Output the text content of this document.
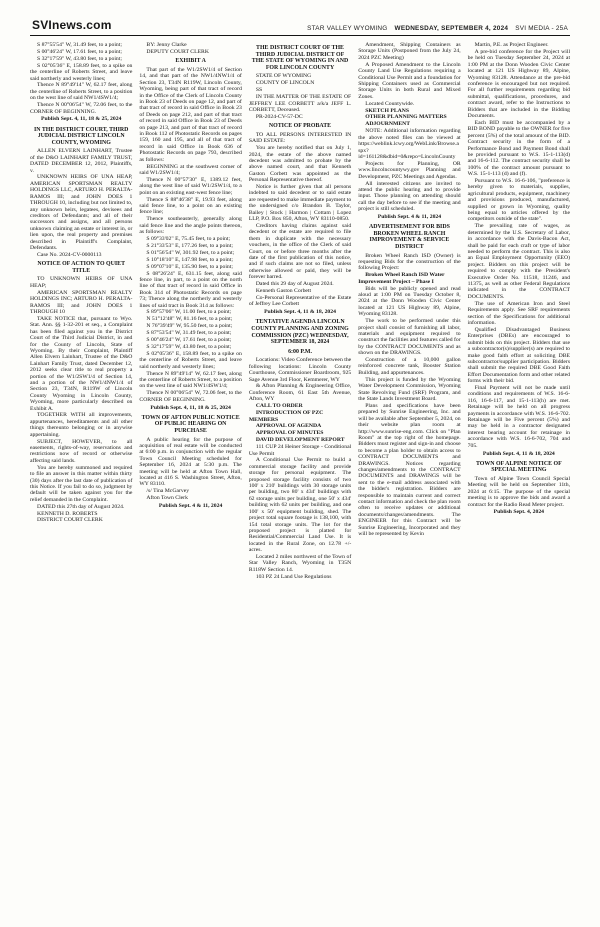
SVInews.com	STAR VALLEY WYOMING WEDNESDAY, SEPTEMBER 4, 2024 SVI MEDIA - 25A
S 87°55'54" W, 31.49 feet, to a point;
S 00°46'24" W, 17.61 feet, to a point;
S 32°17'59" W, 43.80 feet, to a point;
S 02°05'36" E, 158.89 feet, to a spike on the centerline of Roberts Street, and leave said northerly and westerly lines;
Thence N 89°49'14" W, 62.17 feet, along the centerline of Roberts Street, to a position on the west line of said NW1/4SW1/4;
Thence N 00°06'54" W, 72.06 feet, to the CORNER OF BEGINNING.
Publish Sept. 4, 11, 18 & 25, 2024
IN THE DISTRICT COURT, THIRD JUDICIAL DISTRICT LINCOLN COUNTY, WYOMING
ALLEN ELVERN LAINHART, Trustee of the D&O LAINHART FAMILY TRUST, DATED DECEMBER 12, 2012, Plaintiffs, v.
UNKNOWN HEIRS OF UNA HEAP, AMERICAN SPORTSMAN REALTY HOLDINGS LLC, ARTURO H. PERALTA-RAMOS III; and JOHN DOES 1 THROUGH 10, including but not limited to, any unknown heirs, legatees, devisees and creditors of Defendants; and all of their successors and assigns, and all persons unknown claiming an estate or interest in, or lien upon, the real property and premises described in Plaintiff's Complaint, Defendants.
Case No. 2024-CV-0000113
NOTICE OF ACTION TO QUIET TITLE
TO UNKNOWN HEIRS OF UNA HEAP;
AMERICAN SPORTSMAN REALTY HOLDINGS INC; ARTURO H. PERALTA-RAMOS III; and JOHN DOES 1 THROUGH 10
TAKE NOTICE that, pursuant to Wyo. Stat. Ann. §§ 1-32-201 et seq., a Complaint has been filed against you in the District Court of the Third Judicial District, in and for the County of Lincoln, State of Wyoming. By their Complaint, Plaintiff Allen Elvern Lainhart, Trustee of the D&O Lainhart Family Trust, dated December 12, 2012 seeks clear title to real property a portion of the W1/2SW1/4 of Section 14, and a portion of the NW1/4NW1/4 of Section 23, T34N, R119W of Lincoln County Wyoming in Lincoln County, Wyoming, more particularly described on Exhibit A.
TOGETHER WITH all improvements, appurtenances, hereditaments and all other things thereunto belonging or in anywise appertaining.
SUBJECT, HOWEVER, to all easements, rights-of-way, reservations and restrictions now of record or otherwise affecting said lands.
You are hereby summoned and required to file an answer in this matter within thirty (30) days after the last date of publication of this Notice. If you fail to do so, judgment by default will be taken against you for the relief demanded in the Complaint.
DATED this 27th day of August 2024.
KENNETH D. ROBERTS
DISTRICT COURT CLERK
BY: Jenny Clarke
DEPUTY COURT CLERK
EXHIBIT A
That part of the W1/2SW1/4 of Section 14, and that part of the NW1/4NW1/4 of Section 23, T34N R119W, Lincoln County, Wyoming, being part of that tract of record in the Office of the Clerk of Lincoln County in Book 23 of Deeds on page 12, and part of that tract of record in said Office in Book 23 of Deeds on page 212, and part of that tract of record in said Office in Book 23 of Deeds on page 213, and part of that tract of record in Book 112 of Photostatic Records on pages 159, 160 and 195, and all of that tract of record in said Office in Book 636 of Photostatic Records on page 793, described as follows:
BEGINNING at the southwest corner of said W1/2SW1/4;
Thence N 00°57'30" E, 1389.12 feet, along the west line of said W1/2SW1/4, to a point on an existing east-west fence line;
Thence S 88°46'38" E, 19.93 feet, along said fence line, to a point on an existing fence line;
Thence southeasterly, generally along said fence line and the angle points thereon, as follows:
S 09°33'02" E, 75.45 feet, to a point;
S 21°33'53" E, 177.26 feet, to a point;
S 01°56'54" W, 301.92 feet, to a point;
S 10°18'10" E, 147.98 feet, to a point;
S 09°07'10" E, 135.90 feet, to a point;
S 08°26'24" E, 631.15 feet, along said fence line, in part, to a point on the north line of that tract of record in said Office in Book 314 of Photostatic Records on page 73; Thence along the northerly and westerly lines of said tract in Book 314 as follows:
S 89°57'06" W, 11.00 feet, to a point;
N 51°12'48" W, 81.16 feet, to a point;
N 76°39'49" W, 95.50 feet, to a point;
S 87°53'54" W, 31.49 feet, to a point;
S 00°46'24" W, 17.61 feet, to a point;
S 32°17'59" W, 43.80 feet, to a point;
S 02°05'36" E, 158.89 feet, to a spike on the centerline of Roberts Street, and leave said northerly and westerly lines;
Thence N 89°49'14" W, 62.17 feet, along the centerline of Roberts Street, to a position on the west line of said NW1/4SW1/4;
Thence N 00°06'54" W, 72.06 feet, to the CORNER OF BEGINNING.
Publish Sept. 4, 11, 18 & 25, 2024
TOWN OF AFTON PUBLIC NOTICE OF PUBLIC HEARING ON PURCHASE
A public hearing for the purpose of acquisition of real estate will be conducted at 6:00 p.m. in conjunction with the regular Town Council Meeting scheduled for September 16, 2024 at 5:30 p.m. The meeting will be held at Afton Town Hall, located at 416 S. Washington Street, Afton, WY 83110.
/s/ Tina McGarvey
Afton Town Clerk
Publish Sept. 4 & 11, 2024
THE DISTRICT COURT OF THE THIRD JUDICIAL DISTRICT OF THE STATE OF WYOMING IN AND FOR LINCOLN COUNTY
STATE OF WYOMING
COUNTY OF LINCOLN
SS
IN THE MATTER OF THE ESTATE OF JEFFREY LEE CORBETT a/k/a JEFF L. CORBETT, Deceased.
PR-2024-CV-57-DC
NOTICE OF PROBATE
TO ALL PERSONS INTERESTED IN SAID ESTATE:
You are hereby notified that on July 1, 2024, the estate of the above named decedent was admitted to probate by the above named court, and that Kenneth Gaston Corbett was appointed as the Personal Representative thereof.
Notice is further given that all persons indebted to said decedent or to said estate are requested to make immediate payment to the undersigned c/o Brandon B. Taylor, Bailey | Stock | Harmon | Cottam | Lopez LLP, P.O. Box 850, Afton, WY 83110-0850.
Creditors having claims against said decedent or the estate are required to file them in duplicate with the necessary vouchers, in the office of the Clerk of said Court, on or before three months after the date of the first publication of this notice, and if such claims are not so filed, unless otherwise allowed or paid, they will be forever barred.
Dated this 29 day of August 2024.
Kenneth Gaston Corbett
Co-Personal Representative of the Estate of Jeffrey Lee Corbett
Publish Sept. 4, 11 & 18, 2024
TENTATIVE AGENDA LINCOLN COUNTY PLANNING AND ZONING COMMISSION (PZC) WEDNESDAY, SEPTEMBER 18, 2024
6:00 P.M.
Locations: Video Conference between the following locations: Lincoln County Courthouse, Commissioner Boardroom, 925 Sage Avenue 3rd Floor, Kemmerer, WY
& Afton Planning & Engineering Office, Conference Room, 61 East 5th Avenue, Afton, WY
CALL TO ORDER
INTRODUCTION OF PZC MEMBERS
APPROVAL OF AGENDA
APPROVAL OF MINUTES
DAVID DEVELOPMENT REPORT
111 CUP 24 Heiner Storage - Conditional Use Permit
A Conditional Use Permit to build a commercial storage facility and provide storage for personal equipment. The proposed storage facility consists of two 100' x 210' buildings with 30 storage units per building, two 80' x 434' buildings with 62 storage units per building, one 50' x 434' building with 62 units per building, and one 100' x 50' equipment building, shed. The project total square footage is 138,100, with 154 total storage units. The lot for the proposed project is platted for Residential/Commercial Land Use. It is located in the Rural Zone, on 12.78 +/- acres.
Located 2 miles northwest of the Town of Star Valley Ranch, Wyoming in T35N R118W Section 14.
103 PZ 24 Land Use Regulations
Amendment, Shipping Containers as Storage Units (Postponed from the July 24, 2024 PZC Meeting)
A Proposed Amendment to the Lincoln County Land Use Regulations requiring a Conditional Use Permit and a foundation for Shipping Containers used as Commercial Storage Units in both Rural and Mixed Zones.
Located Countywide.
SKETCH PLANS
OTHER PLANNING MATTERS
ADJOURNMENT
NOTE: Additional information regarding the above noted files can be viewed at https://weblink.lcwy.org/WebLink/Browse.aspx?id=161128&dbid=0&repo=LincolnCounty
Projects for Planning, OR www.lincolncountywy.gov Planning and Development, PZC Meetings and Agendas.
All interested citizens are invited to attend the public hearing and to provide input. Those planning on attending should call the day before to see if the meeting and project is still scheduled.
Publish Sept. 4 & 11, 2024
ADVERTISEMENT FOR BIDS BROKEN WHEEL RANCH IMPROVEMENT & SERVICE DISTRICT
Broken Wheel Ranch ISD (Owner) is requesting Bids for the construction of the following Project:
Broken Wheel Ranch ISD Water Improvement Project – Phase I
Bids will be publicly opened and read aloud at 1:00 PM on Tuesday October 8, 2024 at the Donn Wooden Civic Center located at 121 US Highway 89, Alpine, Wyoming 83128.
The work to be performed under this project shall consist of furnishing all labor, materials and equipment required to construct the facilities and features called for by the CONTRACT DOCUMENTS and as shown on the DRAWINGS.
Construction of a 10,000 gallon reinforced concrete tank, Booster Station Building, and appurtenances.
This project is funded by the Wyoming Water Development Commission, Wyoming State Revolving Fund (SRF) Program, and the State Lands Investment Board.
Plans and specifications have been prepared by Sunrise Engineering, Inc. and will be available after September 5, 2024, on their website plan room at http://www.sunrise-eng.com. Click on "Plan Room" at the top right of the homepage. Bidders must register and sign-in and choose to become a plan holder to obtain access to CONTRACT DOCUMENTS and DRAWINGS. Notices regarding changes/amendments to the CONTRACT DOCUMENTS and DRAWINGS will be sent to the e-mail address associated with the bidder's registration. Bidders are responsible to maintain current and correct contact information and check the plan room often to receive updates or additional documents/changes/amendments. The ENGINEER for this Contract will be Sunrise Engineering, Incorporated and they will be represented by Kevin
Martin, P.E. as Project Engineer.
A pre-bid conference for the Project will be held on Tuesday September 24, 2024 at 1:00 PM at the Donn Wooden Civic Center located at 121 US Highway 89, Alpine, Wyoming 83128. Attendance at the pre-bid conference is encouraged but not required. For all further requirements regarding bid submittal, qualifications, procedures, and contract award, refer to the Instructions to Bidders that are included in the Bidding Documents.
Each BID must be accompanied by a BID BOND payable to the OWNER for five percent (5%) of the total amount of the BID. Contract security in the form of a Performance Bond and Payment Bond shall be provided pursuant to W.S. 15-1-113(d) and 16-6-112. The contract security shall be 100% of the contract amount pursuant to W.S. 15-1-113 (d) and (f).
Pursuant to W.S. 16-6-106, "preference is hereby given to materials, supplies, agricultural products, equipment, machinery and provisions produced, manufactured, supplied or grown in Wyoming, quality being equal to articles offered by the competitors outside of the state".
The prevailing rate of wages, as determined by the U.S. Secretary of Labor, in accordance with the Davis-Bacon Act, shall be paid for each craft or type of labor needed to perform the contract. This is also an Equal Employment Opportunity (EEO) project. Bidders on this project will be required to comply with the President's Executive Order No. 11518, 11246, and 11375, as well as other Federal Regulations indicated in the CONTRACT DOCUMENTS.
The use of American Iron and Steel Requirements apply. See SRF requirements section of the Specifications for additional information.
Qualified Disadvantaged Business Enterprises (DBEs) are encouraged to submit bids on this project. Bidders that use a subcontractor(s)/supplier(s) are required to make good faith effort at soliciting DBE subcontractor/supplier participation. Bidders shall submit the required DBE Good Faith Effort Documentation form and other related forms with their bid.
Final Payment will not be made until conditions and requirements of W.S. 16-6-116, 16-6-117, and 15-1-113(h) are met. Retainage will be held on all progress payments in accordance with W.S. 16-6-702. Retainage will be Five percent (5%) and may be held in a contractor designated interest bearing account for retainage in accordance with W.S. 16-6-702, 704 and 705.
Publish Sept. 4, 11 & 18, 2024
TOWN OF ALPINE NOTICE OF SPECIAL MEETING
Town of Alpine Town Council Special Meeting will be held on September 11th, 2024 at 6:15. The purpose of the special meeting is to approve the bids and award a contract for the Radio Read Meter project.
Publish Sept. 4, 2024
